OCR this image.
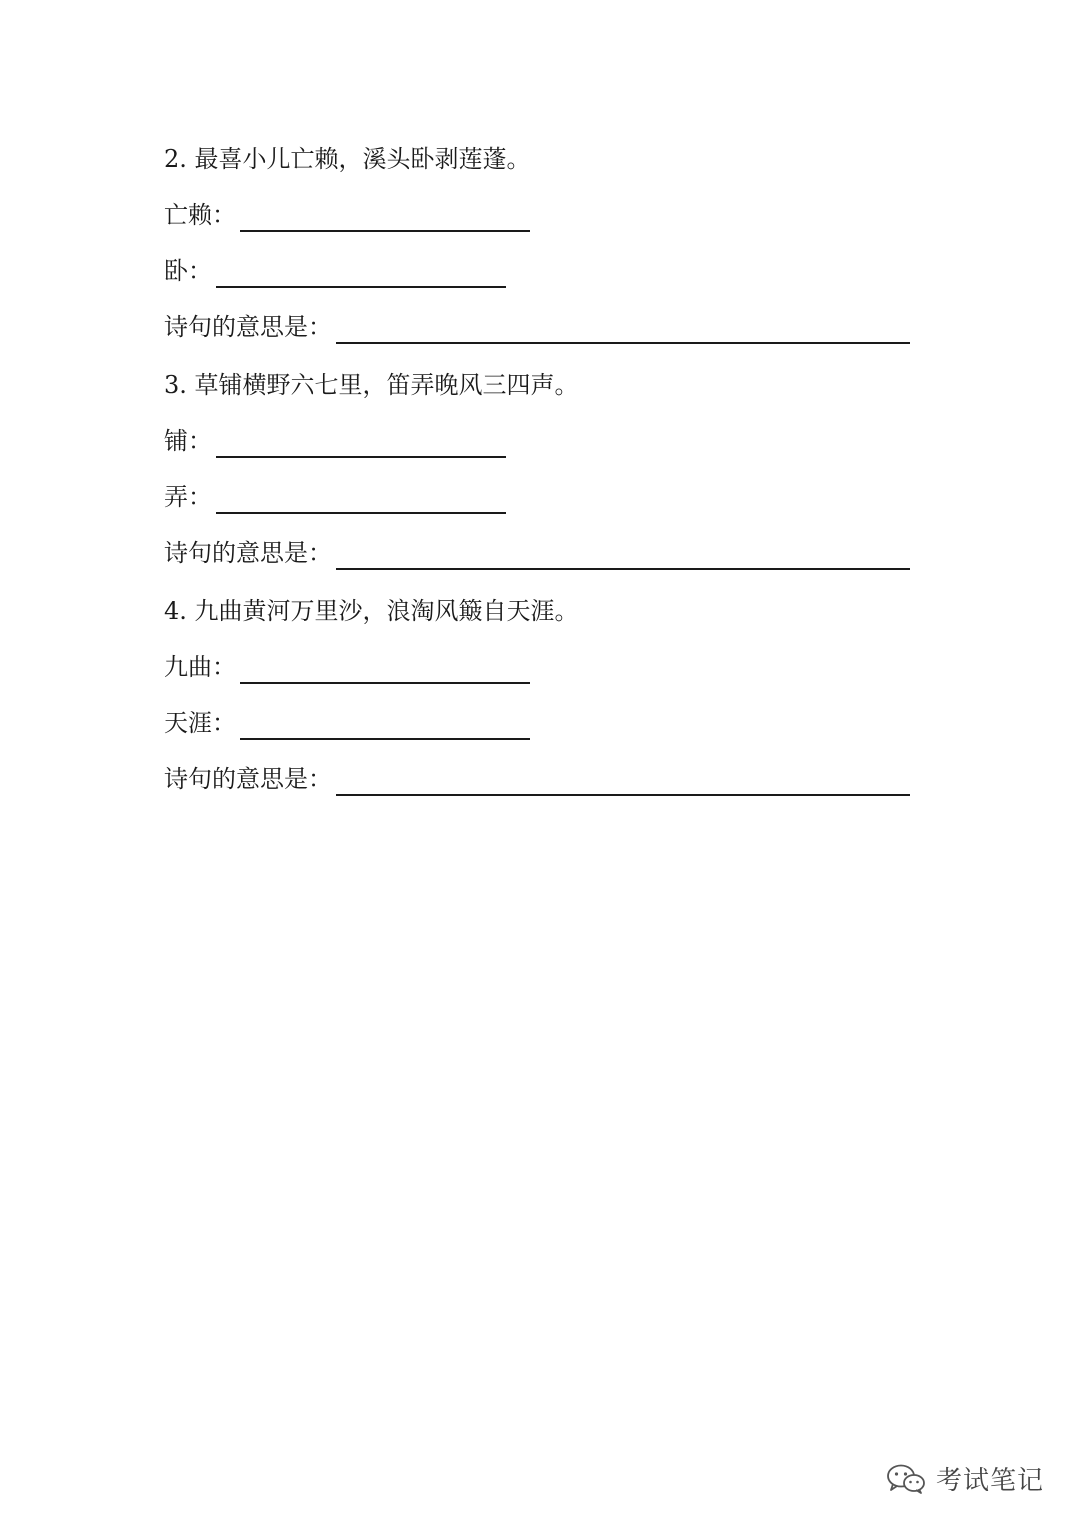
2. 最喜小儿亡赖，溪头卧剥莲蓬。
亡赖：
卧：
诗句的意思是：
3. 草铺横野六七里，笛弄晚风三四声。
铺：
弄：
诗句的意思是：
4. 九曲黄河万里沙，浪淘风簸自天涯。
九曲：
天涯：
诗句的意思是：
考试笔记
